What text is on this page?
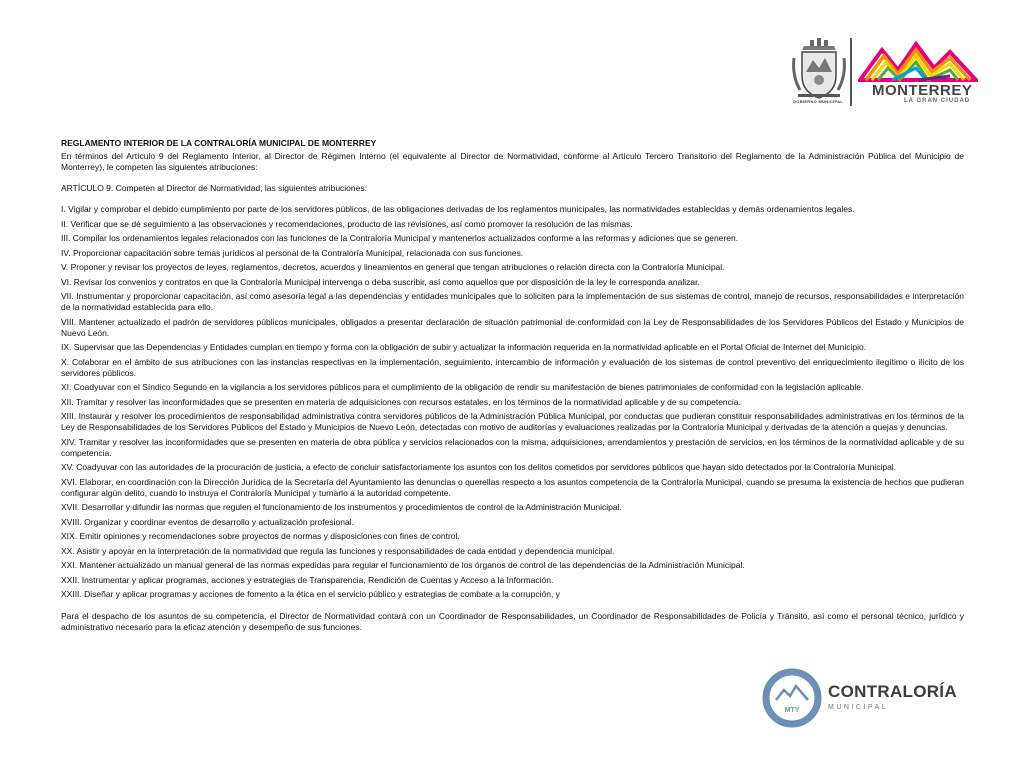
GOBIERNO MUNICIPAL
MONTERREY
LA GRAN CIUDAD

REGLAMENTO INTERIOR DE LA CONTRALORÍA MUNICIPAL DE MONTERREY

En términos del Artículo 9 del Reglamento Interior, al Director de Régimen Interno (el equivalente al Director de Normatividad, conforme al Artículo Tercero Transitorio del Reglamento de la Administración Pública del Municipio de Monterrey), le competen las siguientes atribuciones:

ARTÍCULO 9. Competen al Director de Normatividad, las siguientes atribuciones:

I. Vigilar y comprobar el debido cumplimiento por parte de los servidores públicos, de las obligaciones derivadas de los reglamentos municipales, las normatividades establecidas y demás ordenamientos legales.
II. Verificar que se dé seguimiento a las observaciones y recomendaciones, producto de las revisiones, así como promover la resolución de las mismas.
III. Compilar los ordenamientos legales relacionados con las funciones de la Contraloría Municipal y mantenerlos actualizados conforme a las reformas y adiciones que se generen.
IV. Proporcionar capacitación sobre temas jurídicos al personal de la Contraloría Municipal, relacionada con sus funciones.
V. Proponer y revisar los proyectos de leyes, reglamentos, decretos, acuerdos y lineamientos en general que tengan atribuciones o relación directa con la Contraloría Municipal.
VI. Revisar los convenios y contratos en que la Contraloría Municipal intervenga o deba suscribir, así como aquellos que por disposición de la ley le corresponda analizar.
VII. Instrumentar y proporcionar capacitación, así como asesoría legal a las dependencias y entidades municipales que lo soliciten para la implementación de sus sistemas de control, manejo de recursos, responsabilidades e interpretación de la normatividad establecida para ello.
VIII. Mantener actualizado el padrón de servidores públicos municipales, obligados a presentar declaración de situación patrimonial de conformidad con la Ley de Responsabilidades de los Servidores Públicos del Estado y Municipios de Nuevo León.
IX. Supervisar que las Dependencias y Entidades cumplan en tiempo y forma con la obligación de subir y actualizar la información requerida en la normatividad aplicable en el Portal Oficial de Internet del Municipio.
X. Colaborar en el ámbito de sus atribuciones con las instancias respectivas en la implementación, seguimiento, intercambio de información y evaluación de los sistemas de control preventivo del enriquecimiento ilegítimo o ilícito de los servidores públicos.
XI. Coadyuvar con el Síndico Segundo en la vigilancia a los servidores públicos para el cumplimiento de la obligación de rendir su manifestación de bienes patrimoniales de conformidad con la legislación aplicable.
XII. Tramitar y resolver las inconformidades que se presenten en materia de adquisiciones con recursos estatales, en los términos de la normatividad aplicable y de su competencia.
XIII. Instaurar y resolver los procedimientos de responsabilidad administrativa contra servidores públicos de la Administración Pública Municipal, por conductas que pudieran constituir responsabilidades administrativas en los términos de la Ley de Responsabilidades de los Servidores Públicos del Estado y Municipios de Nuevo León, detectadas con motivo de auditorías y evaluaciones realizadas por la Contraloría Municipal y derivadas de la atención a quejas y denuncias.
XIV. Tramitar y resolver las inconformidades que se presenten en materia de obra pública y servicios relacionados con la misma, adquisiciones, arrendamientos y prestación de servicios, en los términos de la normatividad aplicable y de su competencia.
XV. Coadyuvar con las autoridades de la procuración de justicia, a efecto de concluir satisfactoriamente los asuntos con los delitos cometidos por servidores públicos que hayan sido detectados por la Contraloría Municipal.
XVI. Elaborar, en coordinación con la Dirección Jurídica de la Secretaría del Ayuntamiento las denuncias o querellas respecto a los asuntos competencia de la Contraloría Municipal, cuando se presuma la existencia de hechos que pudieran configurar algún delito, cuando lo instruya el Contraloría Municipal y turnarlo a la autoridad competente.
XVII. Desarrollar y difundir las normas que regulen el funcionamiento de los instrumentos y procedimientos de control de la Administración Municipal.
XVIII. Organizar y coordinar eventos de desarrollo y actualización profesional.
XIX. Emitir opiniones y recomendaciones sobre proyectos de normas y disposiciones con fines de control.
XX. Asistir y apoyar en la interpretación de la normatividad que regula las funciones y responsabilidades de cada entidad y dependencia municipal.
XXI. Mantener actualizado un manual general de las normas expedidas para regular el funcionamiento de los órganos de control de las dependencias de la Administración Municipal.
XXII. Instrumentar y aplicar programas, acciones y estrategias de Transparencia, Rendición de Cuentas y Acceso a la Información.
XXIII. Diseñar y aplicar programas y acciones de fomento a la ética en el servicio público y estrategias de combate a la corrupción, y

Para el despacho de los asuntos de su competencia, el Director de Normatividad contará con un Coordinador de Responsabilidades, un Coordinador de Responsabilidades de Policía y Tránsito, así como el personal técnico, jurídico y administrativo necesario para la eficaz atención y desempeño de sus funciones.

MTY
CONTRALORÍA
MUNICIPAL
